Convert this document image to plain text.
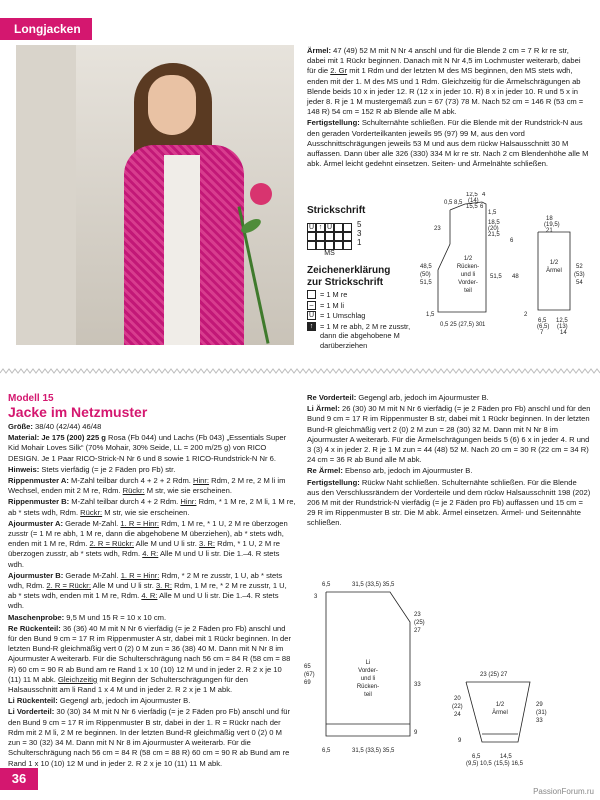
Longjacken

Ärmel: 47 (49) 52 M mit N Nr 4 anschl und für die Blende 2 cm = 7 R kr re str, dabei mit 1 Rückr beginnen. Danach mit N Nr 4,5 im Lochmuster weiterarb, dabei für die 2. Gr mit 1 Rdm und der letzten M des MS beginnen, den MS stets wdh, enden mit der 1. M des MS und 1 Rdm. Gleichzeitig für die Ärmelschrägungen ab Blende beids 10 x in jeder 12. R (12 x in jeder 10. R) 8 x in jeder 10. R und 5 x in jeder 8. R je 1 M mustergemäß zun = 67 (73) 78 M. Nach 52 cm = 146 R (53 cm = 148 R) 54 cm = 152 R ab Blende alle M abk.

Fertigstellung: Schulternähte schließen. Für die Blende mit der Rundstrick-N aus den geraden Vorderteilkanten jeweils 95 (97) 99 M, aus den vord Ausschnittschrägungen jeweils 53 M und aus dem rückw Halsausschnitt 30 M auffassen. Dann über alle 326 (330) 334 M kr re str. Nach 2 cm Blendenhöhe alle M abk. Ärmel leicht gedehnt einsetzen. Seiten- und Ärmelnähte schließen.

Strickschrift
U ↑ U
MS
5
3
1
Zeichenerklärung
zur Strickschrift
= 1 M re
– = 1 M li
U = 1 Umschlag
↑ = 1 M re abh, 2 M re zusstr, dann die abgehobene M darüberziehen
1/2
Rücken-
und li
Vorder-
teil
1/2
Ärmel
0,5 8,5
12,5
(14)
15,5
4
6
1,5
23
18,5
(20)
21,5
6
48,5
(50)
51,5
51,5 48
1,5
0,5 25 (27,5) 30 1
18
(19,5)
21
52
(53)
54
2
6,5
(6,5)
7
12,5
(13)
14
Modell 15
Jacke im Netzmuster

Größe: 38/40 (42/44) 46/48

Material: Je 175 (200) 225 g Rosa (Fb 044) und Lachs (Fb 043) „Essentials Super Kid Mohair Loves Silk“ (70% Mohair, 30% Seide, LL = 200 m/25 g) von RICO DESIGN. Je 1 Paar RICO-Strick-N Nr 6 und 8 sowie 1 RICO-Rundstrick-N Nr 6.

Hinweis: Stets vierfädig (= je 2 Fäden pro Fb) str.

Rippenmuster A: M-Zahl teilbar durch 4 + 2 + 2 Rdm. Hinr: Rdm, 2 M re, 2 M li im Wechsel, enden mit 2 M re, Rdm. Rückr: M str, wie sie erscheinen.

Rippenmuster B: M-Zahl teilbar durch 4 + 2 Rdm. Hinr: Rdm, * 1 M re, 2 M li, 1 M re, ab * stets wdh, Rdm. Rückr: M str, wie sie erscheinen.

Ajourmuster A: Gerade M-Zahl. 1. R = Hinr: Rdm, 1 M re, * 1 U, 2 M re überzogen zusstr (= 1 M re abh, 1 M re, dann die abgehobene M überziehen), ab * stets wdh, enden mit 1 M re, Rdm. 2. R = Rückr: Alle M und U li str. 3. R: Rdm, * 1 U, 2 M re überzogen zusstr, ab * stets wdh, Rdm. 4. R: Alle M und U li str. Die 1.–4. R stets wdh.

Ajourmuster B: Gerade M-Zahl. 1. R = Hinr: Rdm, * 2 M re zusstr, 1 U, ab * stets wdh, Rdm. 2. R = Rückr: Alle M und U li str. 3. R: Rdm, 1 M re, * 2 M re zusstr, 1 U, ab * stets wdh, enden mit 1 M re, Rdm. 4. R: Alle M und U li str. Die 1.–4. R stets wdh.

Maschenprobe: 9,5 M und 15 R = 10 x 10 cm.

Re Rückenteil: 36 (36) 40 M mit N Nr 6 vierfädig (= je 2 Fäden pro Fb) anschl und für den Bund 9 cm = 17 R im Rippenmuster A str, dabei mit 1 Rückr beginnen. In der letzten Bund-R gleichmäßig vert 0 (2) 0 M zun = 36 (38) 40 M. Dann mit N Nr 8 im Ajourmuster A weiterarb. Für die Schulterschrägung nach 56 cm = 84 R (58 cm = 88 R) 60 cm = 90 R ab Bund am re Rand 1 x 10 (10) 12 M und in jeder 2. R 2 x je 10 (11) 11 M abk. Gleichzeitig mit Beginn der Schulterschrägungen für den Halsausschnitt am li Rand 1 x 4 M und in jeder 2. R 2 x je 1 M abk.

Li Rückenteil: Gegengl arb, jedoch im Ajourmuster B.

Li Vorderteil: 30 (30) 34 M mit N Nr 6 vierfädig (= je 2 Fäden pro Fb) anschl und für den Bund 9 cm = 17 R im Rippenmuster B str, dabei in der 1. R = Rückr nach der Rdm mit 2 M li, 2 M re beginnen. In der letzten Bund-R gleichmäßig vert 0 (2) 0 M zun = 30 (32) 34 M. Dann mit N Nr 8 im Ajourmuster A weiterarb. Für die Schulterschrägung nach 56 cm = 84 R (58 cm = 88 R) 60 cm = 90 R ab Bund am re Rand 1 x 10 (10) 12 M und in jeder 2. R 2 x je 10 (11) 11 M abk.

Re Vorderteil: Gegengl arb, jedoch im Ajourmuster B.

Li Ärmel: 26 (30) 30 M mit N Nr 6 vierfädig (= je 2 Fäden pro Fb) anschl und für den Bund 9 cm = 17 R im Rippenmuster B str, dabei mit 1 Rückr beginnen. In der letzten Bund-R gleichmäßig vert 2 (0) 2 M zun = 28 (30) 32 M. Dann mit N Nr 8 im Ajourmuster A weiterarb. Für die Ärmelschrägungen beids 5 (6) 6 x in jeder 4. R und 3 (3) 4 x in jeder 2. R je 1 M zun = 44 (48) 52 M. Nach 20 cm = 30 R (22 cm = 34 R) 24 cm = 36 R ab Bund alle M abk.

Re Ärmel: Ebenso arb, jedoch im Ajourmuster B.

Fertigstellung: Rückw Naht schließen. Schulternähte schließen. Für die Blende aus den Verschlussrändern der Vorderteile und dem rückw Halsausschnitt 198 (202) 206 M mit der Rundstrick-N vierfädig (= je 2 Fäden pro Fb) auffassen und 15 cm = 29 R im Rippenmuster B str. Die M abk. Ärmel einsetzen. Ärmel- und Seitennähte schließen.

6,5	31,5 (33,5) 35,5
3
23
(25)
27
65
(67)
69	33
9
6,5	31,5 (33,5) 35,5
Li
Vorder-
und li
Rücken-
teil
23 (25) 27
20
(22)
24
29
(31)
33
9
1/2
Ärmel
6,5
(9,5) 10,5
14,5
(15,5) 16,5
36
PassionForum.ru
